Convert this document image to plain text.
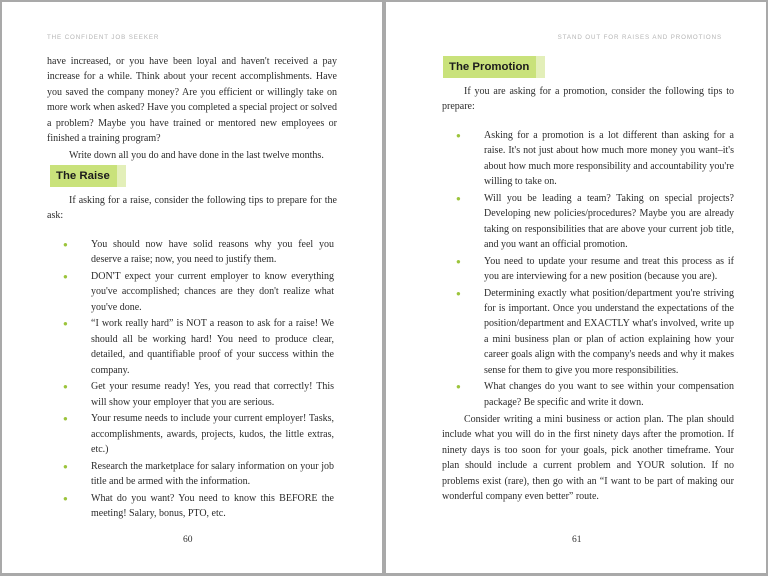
THE CONFIDENT JOB SEEKER

have increased, or you have been loyal and haven't received a pay increase for a while. Think about your recent accomplishments. Have you saved the company money? Are you efficient or willingly take on more work when asked? Have you completed a special project or solved a problem? Maybe you have trained or mentored new employees or finished a training program?

Write down all you do and have done in the last twelve months.

The Raise

If asking for a raise, consider the following tips to prepare for the ask:

● You should now have solid reasons why you feel you deserve a raise; now, you need to justify them.
● DON'T expect your current employer to know everything you've accomplished; chances are they don't realize what you've done.
● “I work really hard” is NOT a reason to ask for a raise! We should all be working hard! You need to produce clear, detailed, and quantifiable proof of your success within the company.
● Get your resume ready! Yes, you read that correctly! This will show your employer that you are serious.
● Your resume needs to include your current employer! Tasks, accomplishments, awards, projects, kudos, the little extras, etc.)
● Research the marketplace for salary information on your job title and be armed with the information.
● What do you want? You need to know this BEFORE the meeting! Salary, bonus, PTO, etc.
60
STAND OUT FOR RAISES AND PROMOTIONS
The Promotion

If you are asking for a promotion, consider the following tips to prepare:

● Asking for a promotion is a lot different than asking for a raise. It's not just about how much more money you want–it's about how much more responsibility and accountability you're willing to take on.
● Will you be leading a team? Taking on special projects? Developing new policies/procedures? Maybe you are already taking on responsibilities that are above your current job title, and you want an official promotion.
● You need to update your resume and treat this process as if you are interviewing for a new position (because you are).
● Determining exactly what position/department you're striving for is important. Once you understand the expectations of the position/department and EXACTLY what's involved, write up a mini business plan or plan of action explaining how your career goals align with the company's needs and why it makes sense for them to give you more responsibilities.
● What changes do you want to see within your compensation package? Be specific and write it down.

Consider writing a mini business or action plan. The plan should include what you will do in the first ninety days after the promotion. If ninety days is too soon for your goals, pick another timeframe. Your plan should include a current problem and YOUR solution. If no problems exist (rare), then go with an “I want to be part of making our wonderful company even better” route.

61
